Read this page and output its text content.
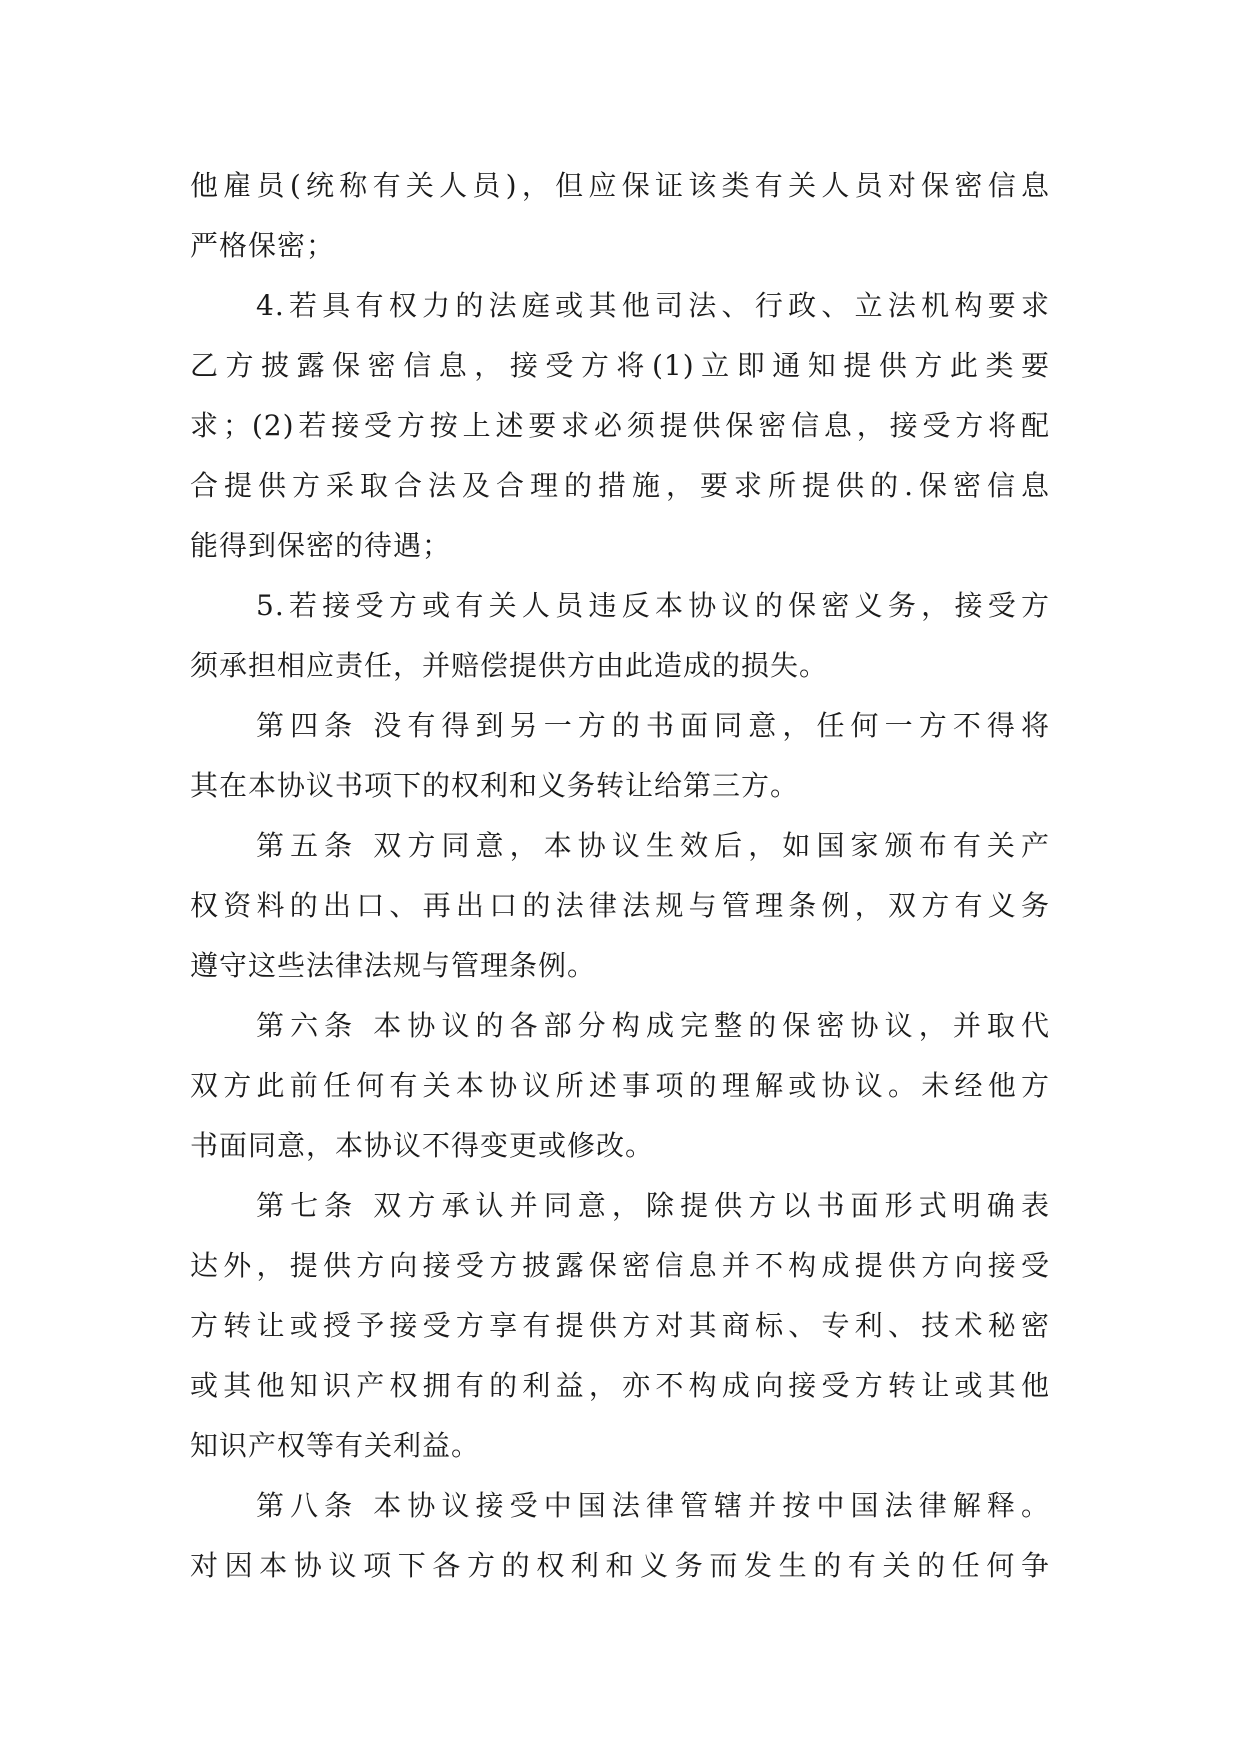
他雇员(统称有关人员)，但应保证该类有关人员对保密信息
严格保密；
4.若具有权力的法庭或其他司法、行政、立法机构要求
乙方披露保密信息，接受方将(1)立即通知提供方此类要
求；(2)若接受方按上述要求必须提供保密信息，接受方将配
合提供方采取合法及合理的措施，要求所提供的.保密信息
能得到保密的待遇；
5.若接受方或有关人员违反本协议的保密义务，接受方
须承担相应责任，并赔偿提供方由此造成的损失。
第四条 没有得到另一方的书面同意，任何一方不得将
其在本协议书项下的权利和义务转让给第三方。
第五条 双方同意，本协议生效后，如国家颁布有关产
权资料的出口、再出口的法律法规与管理条例，双方有义务
遵守这些法律法规与管理条例。
第六条 本协议的各部分构成完整的保密协议，并取代
双方此前任何有关本协议所述事项的理解或协议。未经他方
书面同意，本协议不得变更或修改。
第七条 双方承认并同意，除提供方以书面形式明确表
达外，提供方向接受方披露保密信息并不构成提供方向接受
方转让或授予接受方享有提供方对其商标、专利、技术秘密
或其他知识产权拥有的利益，亦不构成向接受方转让或其他
知识产权等有关利益。
第八条 本协议接受中国法律管辖并按中国法律解释。
对因本协议项下各方的权利和义务而发生的有关的任何争
